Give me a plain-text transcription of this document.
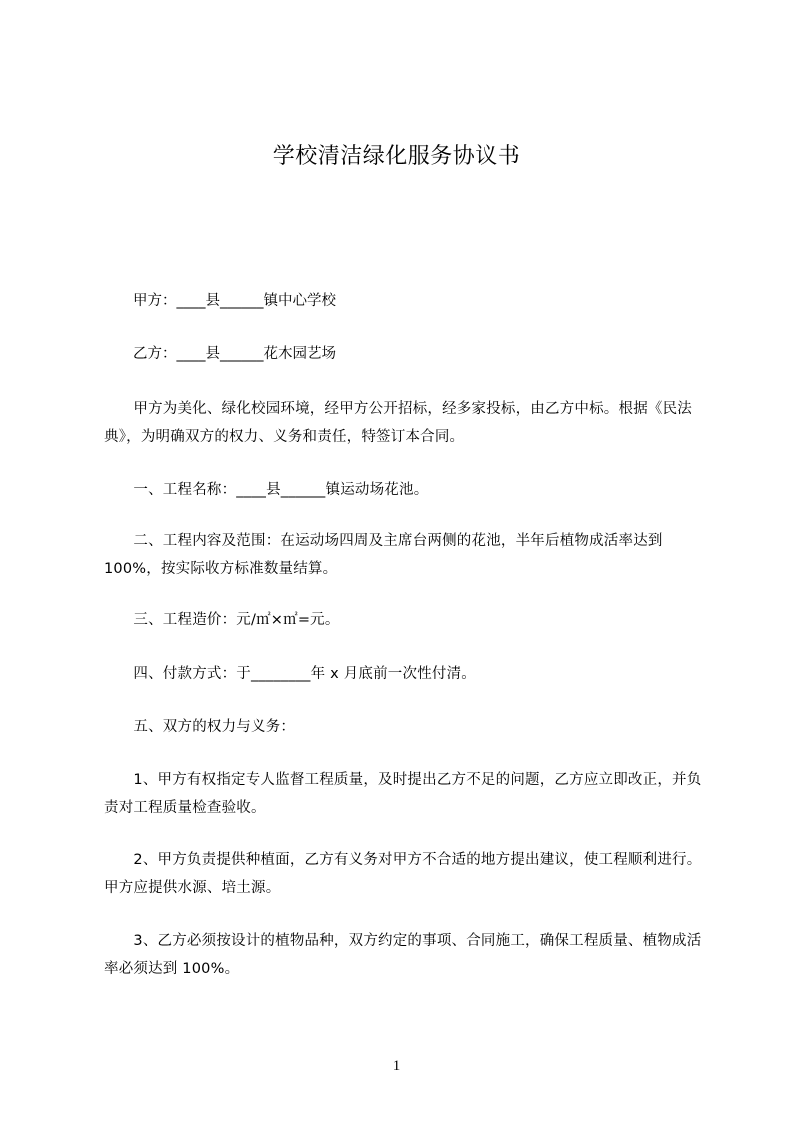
学校清洁绿化服务协议书
　　甲方：____县______镇中心学校
　　乙方：____县______花木园艺场
　　甲方为美化、绿化校园环境，经甲方公开招标，经多家投标，由乙方中标。根据《民法典》，为明确双方的权力、义务和责任，特签订本合同。
　　一、工程名称：____县______镇运动场花池。
　　二、工程内容及范围：在运动场四周及主席台两侧的花池，半年后植物成活率达到 100%，按实际收方标准数量结算。
　　三、工程造价：元/㎡×㎡=元。
　　四、付款方式：于________年 x 月底前一次性付清。
　　五、双方的权力与义务：
　　1、甲方有权指定专人监督工程质量，及时提出乙方不足的问题，乙方应立即改正，并负责对工程质量检查验收。
　　2、甲方负责提供种植面，乙方有义务对甲方不合适的地方提出建议，使工程顺利进行。甲方应提供水源、培土源。
　　3、乙方必须按设计的植物品种，双方约定的事项、合同施工，确保工程质量、植物成活率必须达到 100%。
1
